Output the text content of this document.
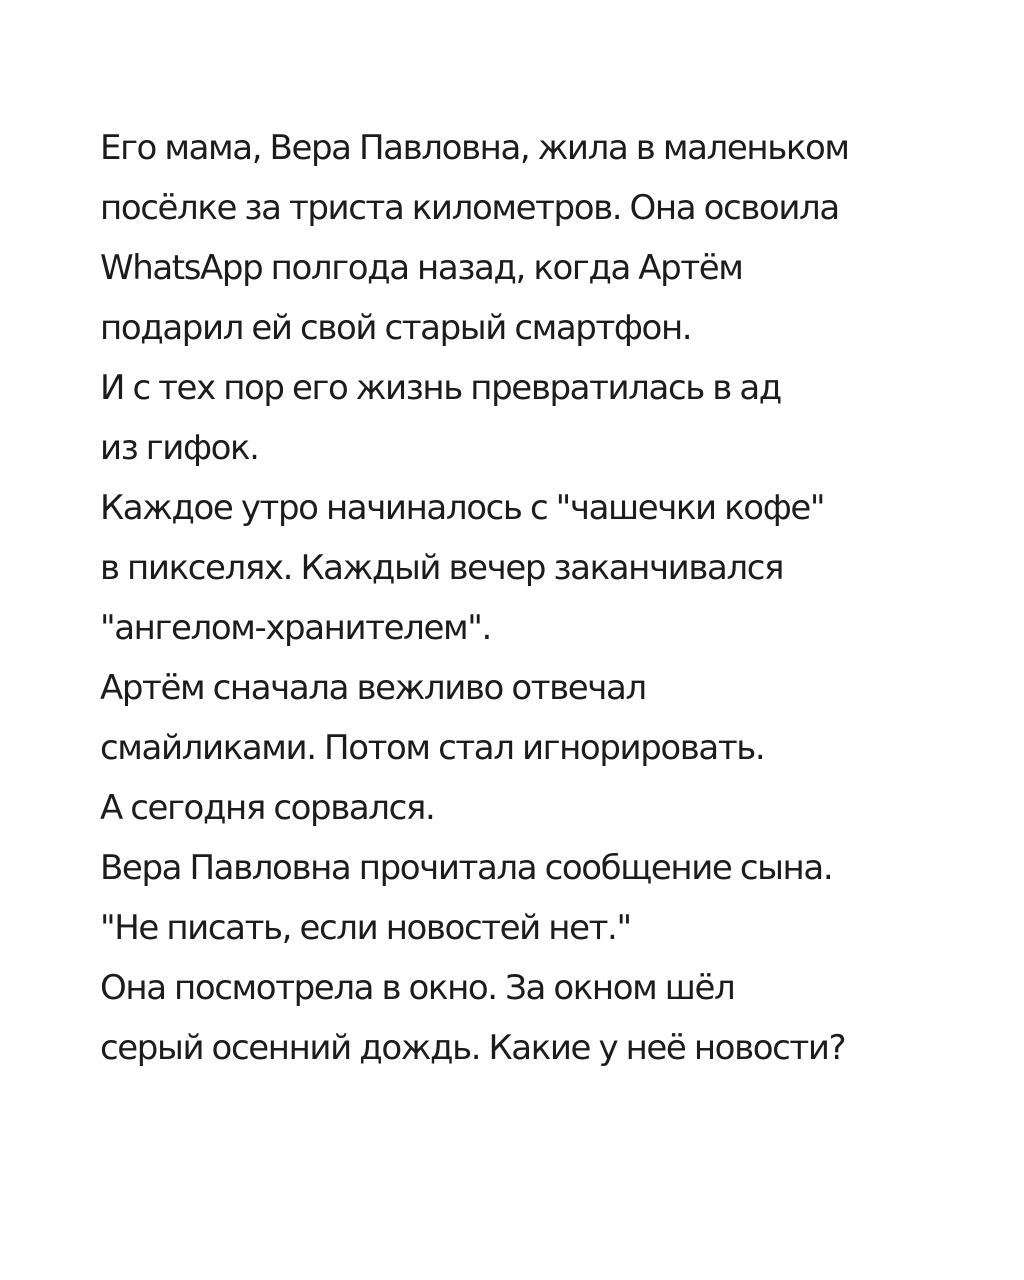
Его мама, Вера Павловна, жила в маленьком
посёлке за триста километров. Она освоила
WhatsApp полгода назад, когда Артём
подарил ей свой старый смартфон.
И с тех пор его жизнь превратилась в ад
из гифок.
Каждое утро начиналось с "чашечки кофе"
в пикселях. Каждый вечер заканчивался
"ангелом-хранителем".
Артём сначала вежливо отвечал
смайликами. Потом стал игнорировать.
А сегодня сорвался.
Вера Павловна прочитала сообщение сына.
"Не писать, если новостей нет."
Она посмотрела в окно. За окном шёл
серый осенний дождь. Какие у неё новости?
